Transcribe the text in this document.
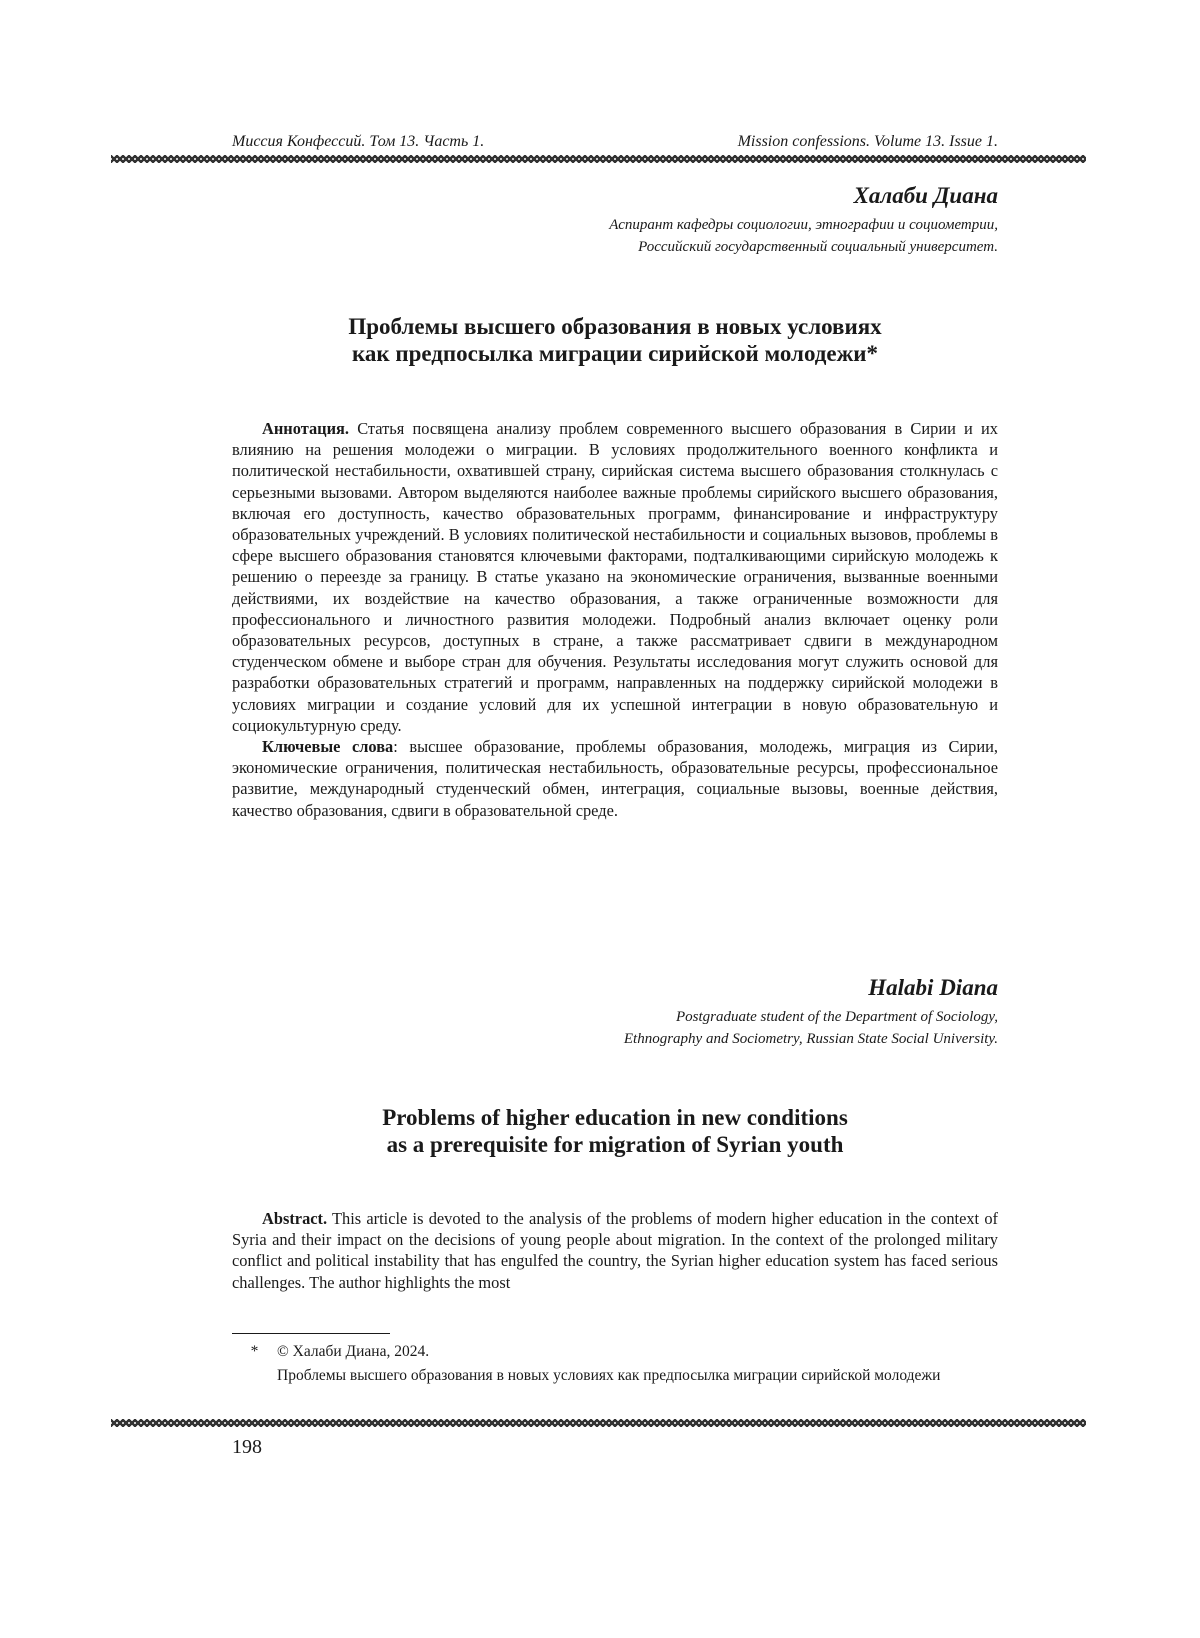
Миссия Конфессий. Том 13. Часть 1.	Mission confessions. Volume 13. Issue 1.
Халаби Диана
Аспирант кафедры социологии, этнографии и социометрии,
Российский государственный социальный университет.
Проблемы высшего образования в новых условиях
как предпосылка миграции сирийской молодежи*

Аннотация. Статья посвящена анализу проблем современного высшего образования в Сирии и их влиянию на решения молодежи о миграции. В условиях продолжительного военного конфликта и политической нестабильности, охватившей страну, сирийская система высшего образования столкнулась с серьезными вызовами. Автором выделяются наиболее важные проблемы сирийского высшего образования, включая его доступность, качество образовательных программ, финансирование и инфраструктуру образовательных учреждений. В условиях политической нестабильности и социальных вызовов, проблемы в сфере высшего образования становятся ключевыми факторами, подталкивающими сирийскую молодежь к решению о переезде за границу. В статье указано на экономические ограничения, вызванные военными действиями, их воздействие на качество образования, а также ограниченные возможности для профессионального и личностного развития молодежи. Подробный анализ включает оценку роли образовательных ресурсов, доступных в стране, а также рассматривает сдвиги в международном студенческом обмене и выборе стран для обучения. Результаты исследования могут служить основой для разработки образовательных стратегий и программ, направленных на поддержку сирийской молодежи в условиях миграции и создание условий для их успешной интеграции в новую образовательную и социокультурную среду.

Ключевые слова: высшее образование, проблемы образования, молодежь, миграция из Сирии, экономические ограничения, политическая нестабильность, образовательные ресурсы, профессиональное развитие, международный студенческий обмен, интеграция, социальные вызовы, военные действия, качество образования, сдвиги в образовательной среде.

Halabi Diana
Postgraduate student of the Department of Sociology,
Ethnography and Sociometry, Russian State Social University.
Problems of higher education in new conditions
as a prerequisite for migration of Syrian youth

Abstract. This article is devoted to the analysis of the problems of modern higher education in the context of Syria and their impact on the decisions of young people about migration. In the context of the prolonged military conflict and political instability that has engulfed the country, the Syrian higher education system has faced serious challenges. The author highlights the most

* © Халаби Диана, 2024.
Проблемы высшего образования в новых условиях как предпосылка миграции сирийской молодежи
198
